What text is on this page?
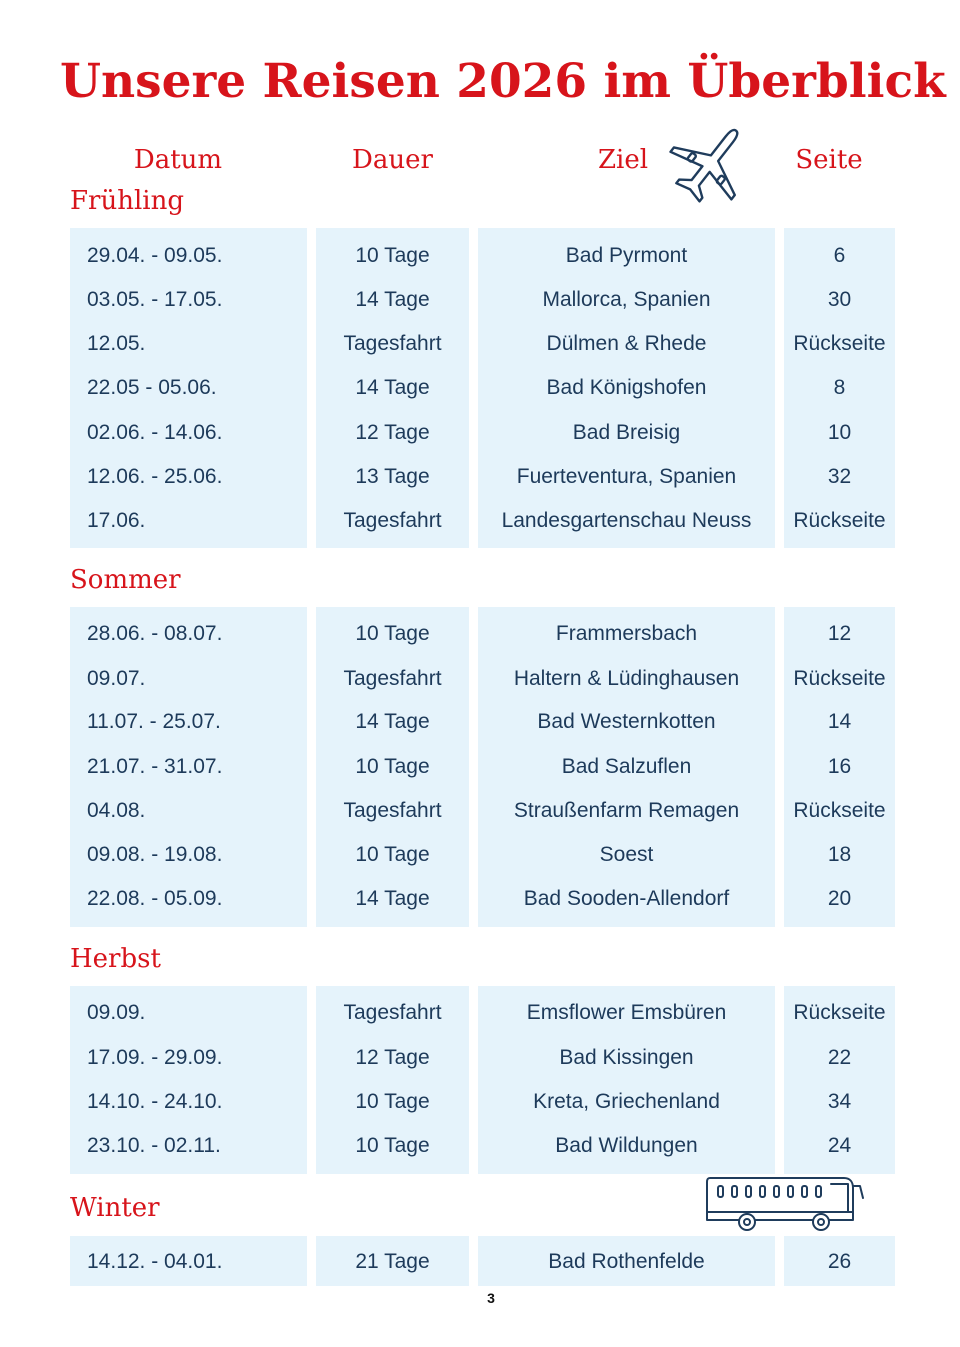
Unsere Reisen 2026 im Überblick
Datum	Dauer	Ziel	Seite
Frühling
29.04. - 09.05.	10 Tage	Bad Pyrmont	6
03.05. - 17.05.	14 Tage	Mallorca, Spanien	30
12.05.	Tagesfahrt	Dülmen & Rhede	Rückseite
22.05 - 05.06.	14 Tage	Bad Königshofen	8
02.06. - 14.06.	12 Tage	Bad Breisig	10
12.06. - 25.06.	13 Tage	Fuerteventura, Spanien	32
17.06.	Tagesfahrt	Landesgartenschau Neuss	Rückseite
Sommer
28.06. - 08.07.	10 Tage	Frammersbach	12
09.07.	Tagesfahrt	Haltern & Lüdinghausen	Rückseite
11.07. - 25.07.	14 Tage	Bad Westernkotten	14
21.07. - 31.07.	10 Tage	Bad Salzuflen	16
04.08.	Tagesfahrt	Straußenfarm Remagen	Rückseite
09.08. - 19.08.	10 Tage	Soest	18
22.08. - 05.09.	14 Tage	Bad Sooden-Allendorf	20
Herbst
09.09.	Tagesfahrt	Emsflower Emsbüren	Rückseite
17.09. - 29.09.	12 Tage	Bad Kissingen	22
14.10. - 24.10.	10 Tage	Kreta, Griechenland	34
23.10. - 02.11.	10 Tage	Bad Wildungen	24
Winter
14.12. - 04.01.	21 Tage	Bad Rothenfelde	26
3
